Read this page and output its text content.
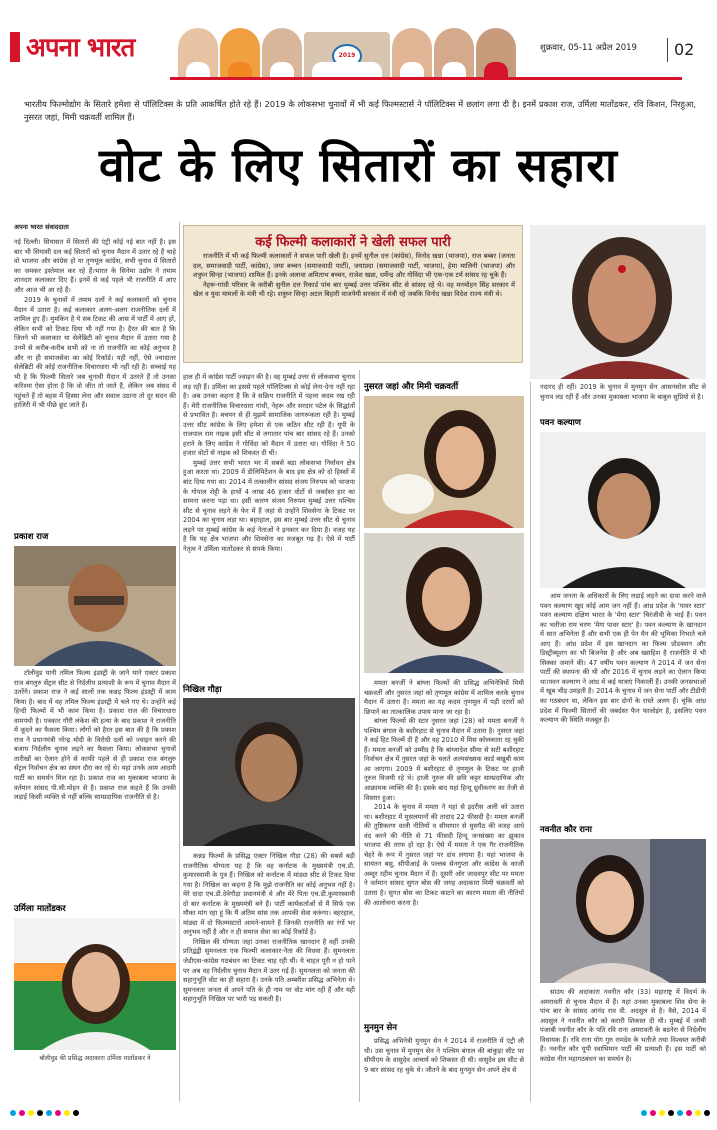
अपना भारत	2019
शुक्रवार, 05-11 अप्रैल 2019 02
भारतीय फिल्मोद्योग के सितारे हमेशा से पॉलिटिक्स के प्रति आकर्षित होते रहे हैं। 2019 के लोकसभा चुनावों में भी कई फिल्मस्टार्स ने पॉलिटिक्स में छलांग लगा दी है। इनमें प्रकाश राज, उर्मिला मातोंडकर, रवि किशन, निरहुआ, नुसरत जहां, मिमी चक्रवर्ती शामिल हैं।
वोट के लिए सितारों का सहारा
अपना भारत संवाददाता

नई दिल्ली। सियासत में सितारों की एंट्री कोई नई बात नहीं है। इस बार भी सियासी दल कई सितारों को चुनाव मैदान में उतार रहे हैं चाहे वो भाजपा और कांग्रेस हो या तृणमूल कांग्रेस, सभी चुनाव में सितारों का जमकर इस्तेमाल कर रहे हैं।भारत के सिनेमा उद्योग ने तमाम शानदार कलाकार दिए हैं। इनमें से कई पहले भी राजनीति में आए और आज भी आ रहे हैं।

2019 के चुनावों में तमाम दलों ने कई कलाकारों को चुनाव मैदान में उतारा है। कई कलाकार अलग-अलग राजनीतिक दलों में शामिल हुए हैं। मुमकिन है ये सब टिकट की आस में पार्टी में आए हों, लेकिन सभी को टिकट दिया भी नहीं गया है। हैरत की बात है कि जितने भी कलाकार या सेलेब्रिटी को चुनाव मैदान में उतारा गया है उनमें से करीब-करीब सभी को ना तो राजनीति का कोई अनुभव है और ना ही समाजसेवा का कोई रिकॉर्ड। यही नहीं, ऐसे ज्यादातर सेलेब्रिटी की कोई राजनीतिक विचारधारा भी नहीं रही है। सच्चाई यह भी है कि फिल्मी सितारे जब चुनावी मैदान में उतरते हैं तो उनका करिश्मा ऐसा होता है कि वो जीत तो जाते हैं, लेकिन जब संसद में पहुंचते हैं तो बहस में हिस्सा लेना और सवाल उठाना तो दूर सदन की हाजिरी में भी पीछे छूट जाते हैं।

प्रकाश राज

टॉलीवुड यानी तमिल फिल्म इंडस्ट्री के जाने माने एक्टर प्रकाश राज बंगलुरु सेंट्रल सीट से निर्दलीय प्रत्याशी के रूप में चुनाव मैदान में उतरेंगे। प्रकाश राज ने कई सालों तक कन्नड़ फिल्म इंडस्ट्री में काम किया है। बाद में वह तमिल फिल्म इंडस्ट्री में चले गए थे। उन्होंने कई हिन्दी फिल्मों में भी काम किया है। प्रकाश राज की विचारधारा वामपंथी है। पत्रकार गौरी लंकेश की हत्या के बाद प्रकाश ने राजनीति में कूदने का फैसला किया। लोगों को हैरत इस बात की है कि प्रकाश राज ने प्रधानमंत्री नरेन्द्र मोदी के विरोधी दलों को ज्वाइन करने की बजाय निर्दलीय चुनाव लड़ने का फैसला किया। लोकसभा चुनावों तारीखों का ऐलान होने से काफी पहले से ही प्रकाश राज बंगलुरु सेंट्रल निर्वाचन क्षेत्र का सघन दौरा कर रहे थे। यहां उनके आम आदमी पार्टी का समर्थन मिल रहा है। प्रकाश राज का मुकाबला भाजपा के वर्तमान सांसद पी.सी.मोहन से है। प्रकाश राज कहते हैं कि उनकी लड़ाई किसी व्यक्ति से नहीं बल्कि साम्प्रदायिक राजनीति से है।

उर्मिला मातोंडकर
बॉलीवुड की प्रसिद्ध अदाकारा उर्मिला मातोंडकर ने
कई फिल्मी कलाकारों ने खेली सफल पारी

राजनीति में भी कई फिल्मी कलाकारों ने सफल पारी खेली है। इनमें सुनील दत्त (कांग्रेस), विनोद खन्ना (भाजपा), राज बब्बर (जनता दल, समाजवादी पार्टी, कांग्रेस), जया बच्चन (समाजवादी पार्टी), जयाप्रदा (समाजवादी पार्टी, भाजपा), हेमा मालिनी (भाजपा) और शत्रुघ्न सिन्हा (भाजपा) शामिल हैं। इनके अलावा अमिताभ बच्चन, राजेश खन्ना, धर्मेन्द्र और गोविंदा भी एक-एक टर्म सांसद रह चुके हैं।

नेहरू-गांधी परिवार के करीबी सुनील दत्त रिकार्ड पांच बार मुम्बई उत्तर पश्चिम सीट से सांसद रहे थे। वह मनमोहन सिंह सरकार में खेल व युवा मामलों के मंत्री भी रहे। शत्रुघ्न सिन्हा अटल बिहारी वाजपेयी सरकार में मंत्री रहे जबकि विनोद खन्ना विदेश राज्य मंत्री थे।

हाल ही में कांग्रेस पार्टी ज्वाइन की है। वह मुम्बई उत्तर से लोकसभा चुनाव लड़ रही हैं। उर्मिला का इससे पहले पॉलिटिक्स से कोई लेना-देना नहीं रहा है। अब उनका कहना है कि वे सक्रिय राजनीति में पहला कदम रख रही हैं। मेरी राजनीतिक विचारधारा गांधी, नेहरू और सरदार पटेल के सिद्धांतों से प्रभावित है। बचपन से ही मुझमें सामाजिक जागरूकता रही है। मुम्बई उत्तर सीट कांग्रेस के लिए हमेशा से एक कठिन सीट रही है। यूपी के राजपाल राम नाइक इसी सीट से लगातार पांच बार सांसद रहे हैं। उनको हराने के लिए कांग्रेस ने गोविंदा को मैदान में उतारा था। गोविंदा ने 50 हजार वोटों से नाइक को शिकस्त दी थी।

मुम्बई उत्तर सभी भारत भर में सबसे बड़ा लोकसभा निर्वाचन क्षेत्र हुआ करता था। 2009 में डीलिमिटेशन के बाद इस क्षेत्र को दो हिस्सों में बांट दिया गया था। 2014 में तत्कालीन सांसद संजय निरुपम को भाजपा के गोपाल शेट्टी के हाथों 4 लाख 46 हजार वोटों से जबर्दस्त हार का सामना करना पड़ा था। इसी कारण संजय निरुपम मुम्बई उत्तर पश्चिम सीट से चुनाव लड़ने के फेर में हैं जहां से उन्होंने शिवसेना के टिकट पर 2004 का चुनाव लड़ा था। बहरहाल, इस बार मुम्बई उत्तर सीट से चुनाव लड़ने पर मुम्बई कांग्रेस के कई नेताओं ने इनकार कर दिया है। वजह यह है कि यह क्षेत्र भाजपा और शिवसेना का मजबूत गढ़ है। ऐसे में पार्टी नेतृत्व ने उर्मिला मातोंडकर से संपर्क किया।

निखिल गौड़ा

कन्नड़ फिल्मों के प्रसिद्ध एक्टर निखिल गौड़ा (28) की सबसे बड़ी राजनीतिक योग्यता यह है कि वह कर्नाटक के मुख्यमंत्री एच.डी. कुमारस्वामी के पुत्र हैं। निखिल को कर्नाटक में मांड्या सीट से टिकट दिया गया है। निखिल का कहना है कि मुझे राजनीति का कोई अनुभव नहीं है। मेरे दादा एच.डी.देवेगौड़ा प्रधानमंत्री थे और मेरे पिता एच.डी.कुमारस्वामी दो बार कर्नाटक के मुख्यमंत्री बने हैं। पार्टी कार्यकर्ताओं से मैं सिर्फ एक मौका मांग रहा हूं कि मैं अंतिम सांस तक आपकी सेवा करूंगा। बहरहाल, मांड्या में दो फिल्मस्टारों आमने-सामने हैं जिनकी राजनीति का रंगों भर अनुभव नहीं है और न ही समाज सेवा का कोई रिकॉर्ड है।

निखिल की योग्यता जहां उनका राजनीतिक खानदान है वहीं उनकी प्रतिद्वंद्वी सुमनलता एक फिल्मी कलाकार-नेता की विधवा हैं। सुमनलता जेडीएस-कांग्रेस गठबंधन का टिकट चाह रही थीं। ये चाहत पूरी न हो पाने पर अब वह निर्दलीय चुनाव मैदान में उतर गई हैं। सुमनलता को जनता की सहानुभूति वोट का ही सहारा है। उनके पति अम्बरीश प्रसिद्ध अभिनेता थे। सुमनलता जनता से अपने पति के ही नाम पर वोट मांग रही हैं और यही सहानुभूति निखिल पर भारी पड़ सकती है।

नुसरत जहां और मिमी चक्रवर्ती

ममता बनर्जी ने बांग्ला फिल्मों की प्रसिद्ध अभिनेत्रियों मिमी चक्रवर्ती और नुसरत जहां को तृणमूल कांग्रेस में शामिल करके चुनाव मैदान में उतारा है। ममता का यह कदम तृणमूल में पड़ी दरारों को छिपाने का तात्कालिक उपाय माना जा रहा है।

बांग्ला फिल्मों की स्टार नुसरत जहां (28) को ममता बनर्जी ने पश्चिम बंगाल के बशीरहाट से चुनाव मैदान में उतारा है। नुसरत जहां ने कई हिट फिल्में दी हैं और वह 2010 में मिस कोलकाता रह चुकी हैं। ममता बनर्जी को उम्मीद है कि बांग्लादेश सीमा से सटी बशीरहाट निर्वाचन क्षेत्र में नुसरत जहां के चलते अल्पसंख्यक कार्ड बखूबी काम आ जाएगा। 2009 में बशीरहाट से तृणमूल के टिकट पर हाजी नूरुल विजयी रहे थे। हाजी नूरुल की छवि कट्टर साम्प्रदायिक और आक्रामक व्यक्ति की है। इसके बाद यहां हिन्दू ध्रुवीकरण का तेजी से विस्तार हुआ।

2014 के चुनाव में ममता ने यहां से इदरीस अली को उतारा था। बशीरहाट में मुसलमानों की तादाद 22 फीसदी है। ममता बनर्जी की तुष्टिकरण वाली नीतियों व सीमापार से घुसपैठ की वजह आधे वंद करने की नीति से 71 फीसदी हिन्दू जनसंख्या का झुकाव भाजपा की तरफ हो रहा है। ऐसे में ममता ने एक गैर राजनीतिक चेहरे के रूप में नुसरत जहां पर दांव लगाया है। यहां भाजपा के सायंतन बसु, सीपीआई के पल्लब सेनगुप्ता और कांग्रेस के काजी अब्दुर रहीम चुनाव मैदान में हैं। दूसरी ओर जादवपुर सीट पर ममता ने वर्तमान सांसद सुगत बोस की जगह अदाकारा मिमी चक्रवर्ती को उतारा है। सुगत बोस का टिकट काटने का कारण ममता की नीतियों की आलोचना करना है।

मुनमुन सेन

प्रसिद्ध अभिनेत्री मुनमुन सेन ने 2014 में राजनीति में एंट्री ली थी। उस चुनाव में मुनमुन सेन ने पश्चिम बंगाल की बांकुड़ा सीट पर सीपीएम के वासुदेव आचार्य को शिकस्त दी थी। वासुदेव इस सीट से 9 बार सांसद रह चुके थे। जीतने के बाद मुनमुन सेन अपने क्षेत्र से

नदारद ही रहीं। 2019 के चुनाव में मुनमुन सेन आसनसोल सीट से चुनाव लड़ रही हैं और उनका मुकाबला भाजपा के बाबुल सुप्रियो से है।

पवन कल्याण

आम जनता के अधिकारों के लिए लड़ाई लड़ने का दावा करने वाले पवन कल्याण खुद कोई आम जन नहीं हैं। आंध्र प्रदेश के 'पावर स्टार' पवन कल्याण दक्षिण भारत के 'मेगा स्टार' चिरंजीवी के भाई हैं। पवन का भतीजा राम चरण 'मेगा पावर स्टार' है। पवन कल्याण के खानदान में सात अभिनेता हैं और सभी एक ही पेन मैन की भूमिका निभाते चले आए हैं। आंध्र प्रदेश में इस खानदान का फिल्म प्रोडक्शन और डिस्ट्रीब्यूशन का भी बिजनेस है और अब ख्वाहिश है राजनीति में भी सिक्का जमाने की। 47 वर्षीय पवन कल्याण ने 2014 में जन सेना पार्टी की स्थापना की थी और 2016 में चुनाव लड़ने का ऐलान किया था।पवन कल्याण ने आंध्र में कई यात्राएं निकालीं हैं। उनकी जनसभाओं में खूब भीड़ उमड़ती है। 2014 के चुनाव में जन सेना पार्टी और टीडीपी का गठबंधन था, लेकिन इस बार दोनों के रास्ते अलग हैं। चूंकि आंध्र प्रदेश में फिल्मी सितारों की जबर्दस्त फैन फालोइंग है, इसलिए पवन कल्याण की स्थिति मजबूत है।

नवनीत कौर राना

साउथ की अदाकारा नवनीत कौर (33) महाराष्ट्र में विदर्भ के अमरावती से चुनाव मैदान में हैं। यहां उनका मुकाबला शिव सेना के पांच बार के सांसद आनंद राव वी. अदसुल से है। वैसे, 2014 में अदसुल ने नवनीत कौर को करारी शिकस्त दी थी। मुम्बई में जन्मी पंजाबी नवनीत कौर के पति रवि राना अमरावती के बडनेरा से निर्दलीय विधायक हैं। रवि राना योग गुरु रामदेव के भतीजे तथा विश्वस्त करीबी हैं। नवनीत कौर यूपी स्वाभिमान पार्टी की प्रत्याशी हैं। इस पार्टी को कांग्रेस नीत महागठबंधन का समर्थन है।
